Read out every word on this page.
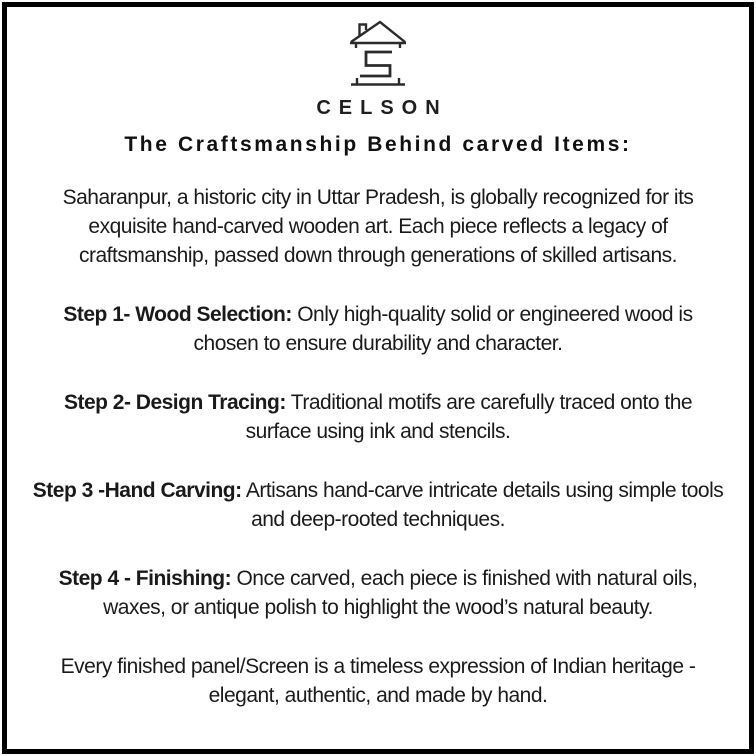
CELSON
The Craftsmanship Behind carved Items:

Saharanpur, a historic city in Uttar Pradesh, is globally recognized for its exquisite hand-carved wooden art. Each piece reflects a legacy of craftsmanship, passed down through generations of skilled artisans.

Step 1- Wood Selection: Only high-quality solid or engineered wood is chosen to ensure durability and character.

Step 2- Design Tracing: Traditional motifs are carefully traced onto the surface using ink and stencils.

Step 3 -Hand Carving: Artisans hand-carve intricate details using simple tools and deep-rooted techniques.

Step 4 - Finishing: Once carved, each piece is finished with natural oils, waxes, or antique polish to highlight the wood’s natural beauty.

Every finished panel/Screen is a timeless expression of Indian heritage - elegant, authentic, and made by hand.
